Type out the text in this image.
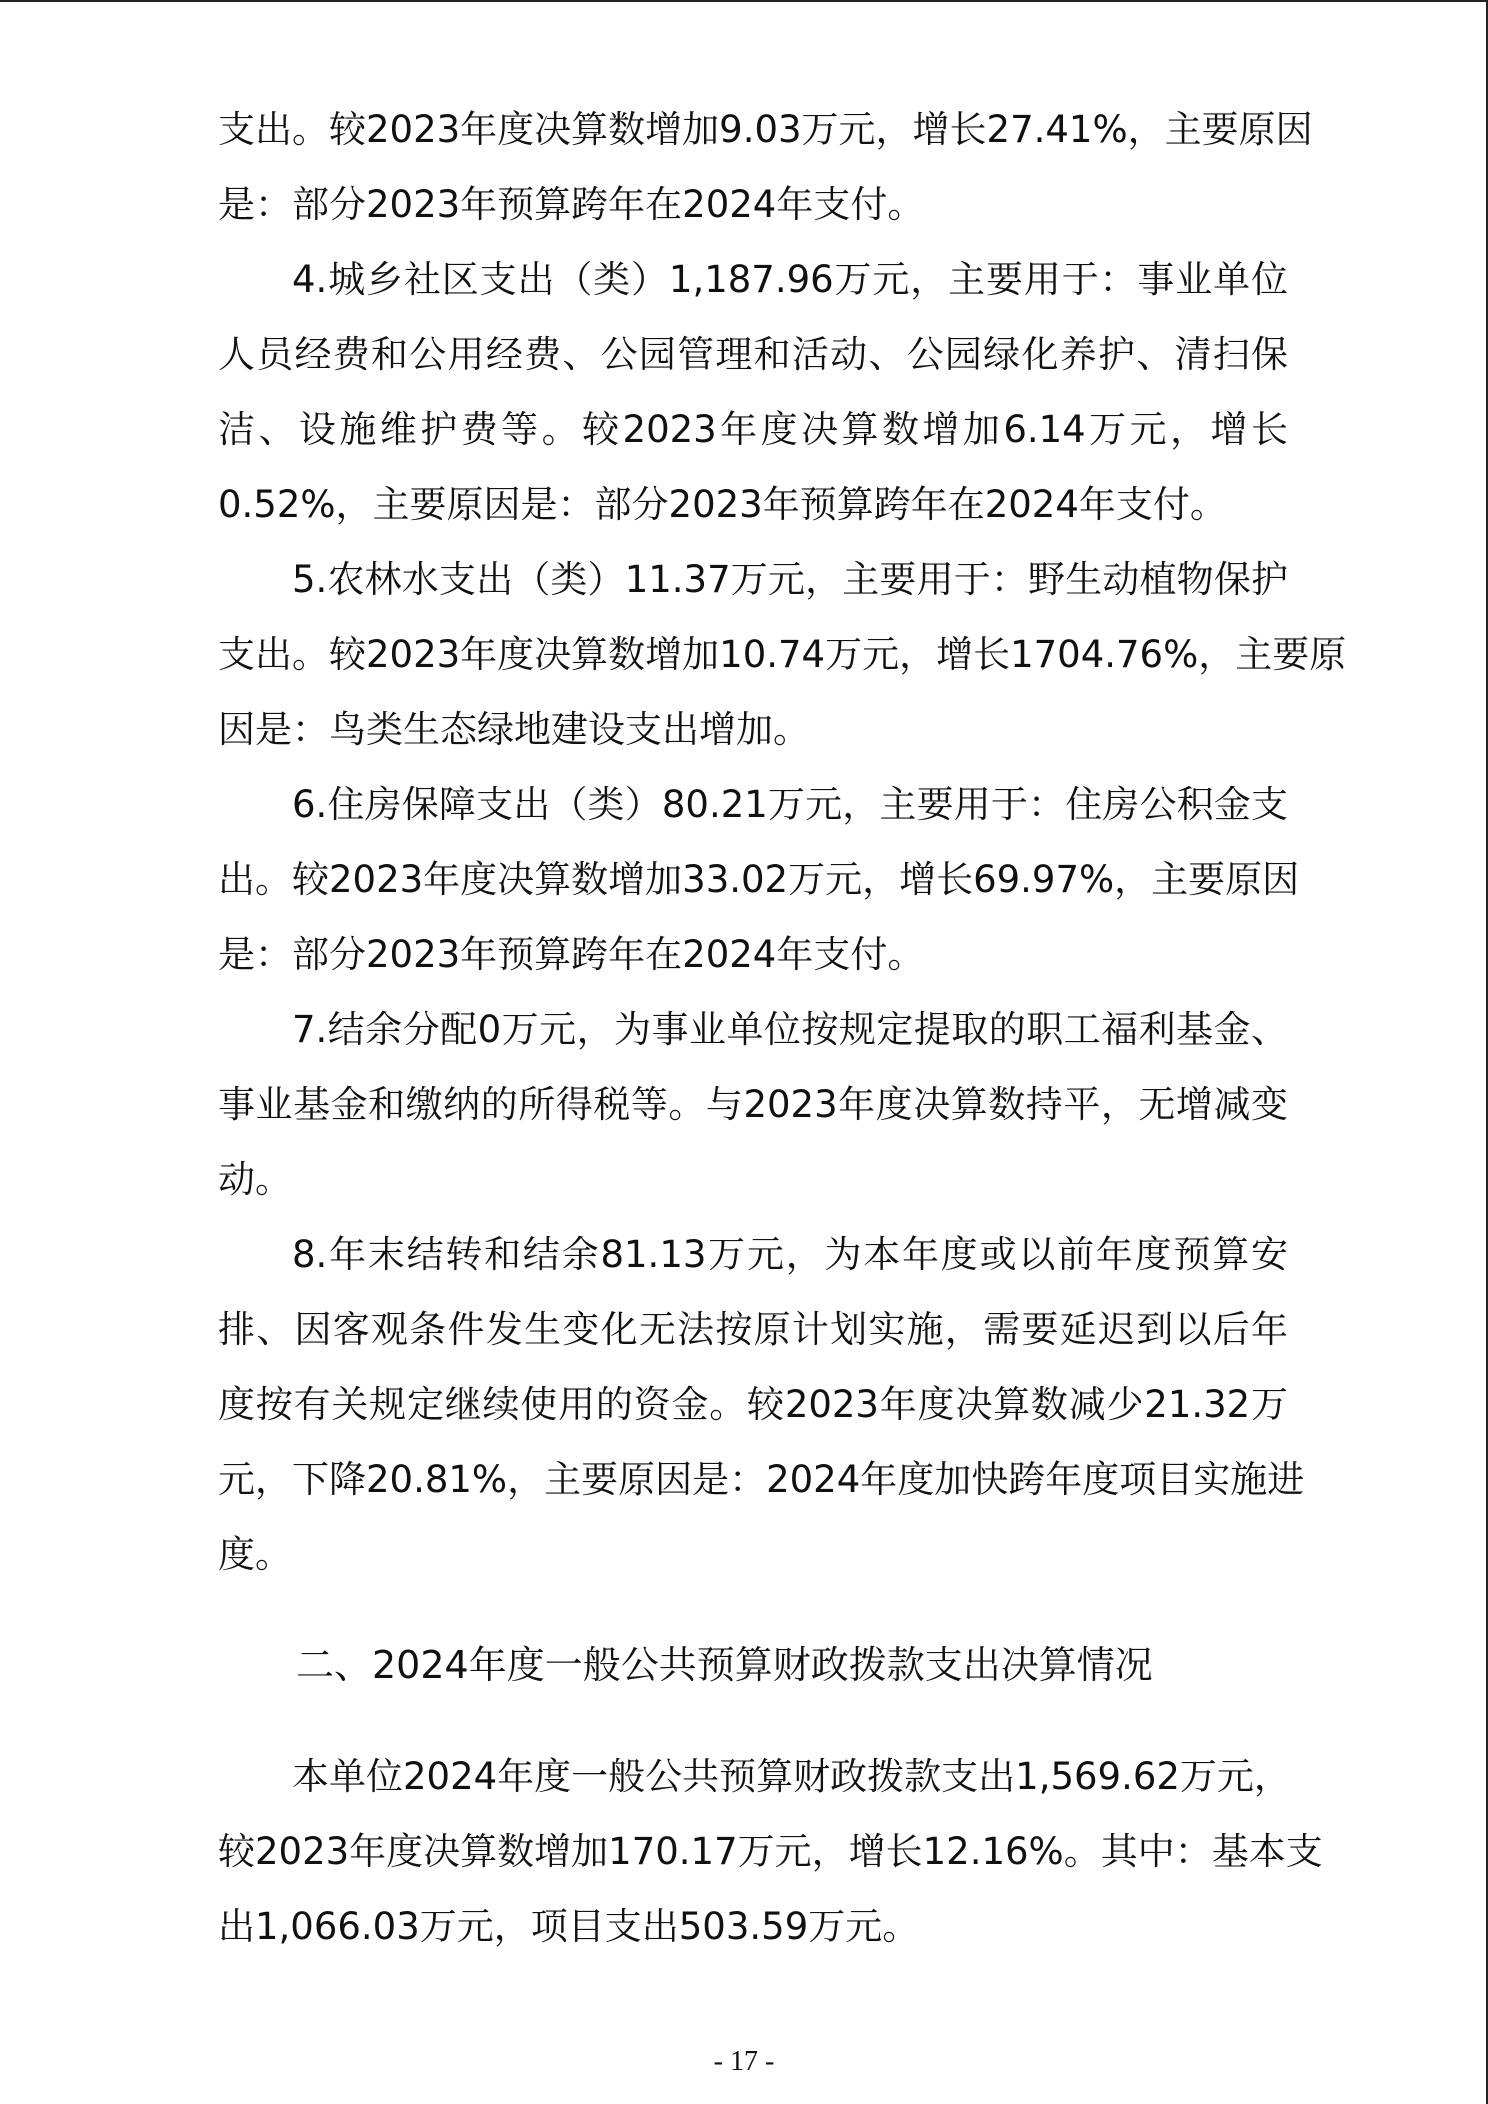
支出。较2023年度决算数增加9.03万元，增长27.41%，主要原因
是：部分2023年预算跨年在2024年支付。
4.城乡社区支出（类）1,187.96万元，主要用于：事业单位
人员经费和公用经费、公园管理和活动、公园绿化养护、清扫保
洁、设施维护费等。较2023年度决算数增加6.14万元，增长
0.52%，主要原因是：部分2023年预算跨年在2024年支付。
5.农林水支出（类）11.37万元，主要用于：野生动植物保护
支出。较2023年度决算数增加10.74万元，增长1704.76%，主要原
因是：鸟类生态绿地建设支出增加。
6.住房保障支出（类）80.21万元，主要用于：住房公积金支
出。较2023年度决算数增加33.02万元，增长69.97%，主要原因
是：部分2023年预算跨年在2024年支付。
7.结余分配0万元，为事业单位按规定提取的职工福利基金、
事业基金和缴纳的所得税等。与2023年度决算数持平，无增减变
动。
8.年末结转和结余81.13万元，为本年度或以前年度预算安
排、因客观条件发生变化无法按原计划实施，需要延迟到以后年
度按有关规定继续使用的资金。较2023年度决算数减少21.32万
元，下降20.81%，主要原因是：2024年度加快跨年度项目实施进
度。
二、2024年度一般公共预算财政拨款支出决算情况
本单位2024年度一般公共预算财政拨款支出1,569.62万元，
较2023年度决算数增加170.17万元，增长12.16%。其中：基本支
出1,066.03万元，项目支出503.59万元。
- 17 -
